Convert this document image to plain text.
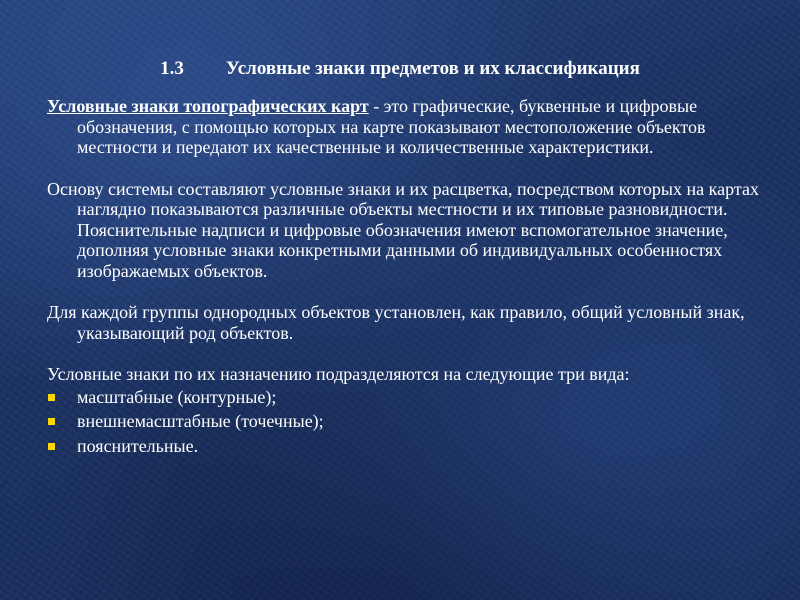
1.3 Условные знаки предметов и их классификация

Условные знаки топографических карт - это графические, буквенные и цифровые обозначения, с помощью которых на карте показывают местоположение объектов местности и передают их качественные и количественные характеристики.

Основу системы составляют условные знаки и их расцветка, посредством которых на картах наглядно показываются различные объекты местности и их типовые разновидности. Пояснительные надписи и цифровые обозначения имеют вспомогательное значение, дополняя условные знаки конкретными данными об индивидуальных особенностях изображаемых объектов.

Для каждой группы однородных объектов установлен, как правило, общий условный знак, указывающий род объектов.

Условные знаки по их назначению подразделяются на следующие три вида:

масштабные (контурные);
внешнемасштабные (точечные);
пояснительные.
